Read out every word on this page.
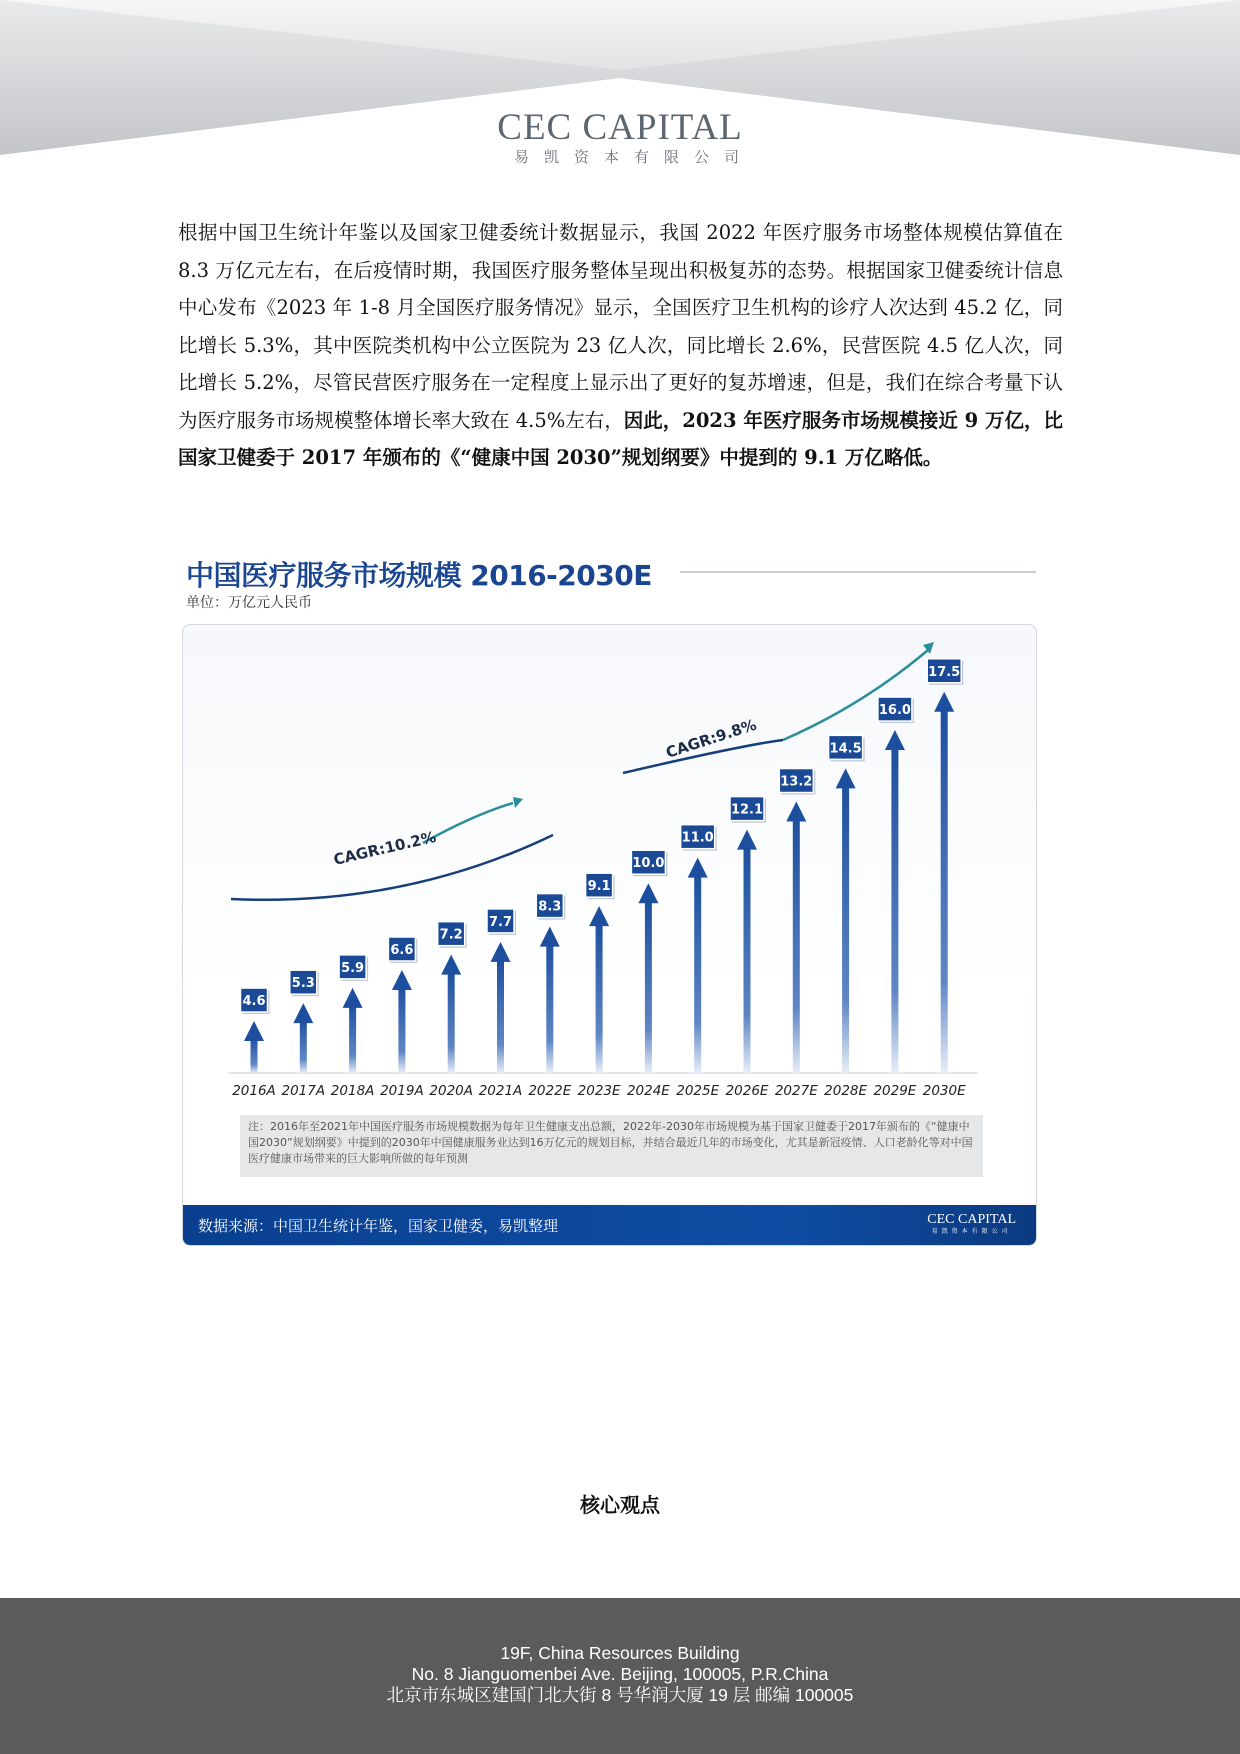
CEC CAPITAL
易凯资本有限公司

根据中国卫生统计年鉴以及国家卫健委统计数据显示，我国 2022 年医疗服务市场整体规模估算值在 8.3 万亿元左右，在后疫情时期，我国医疗服务整体呈现出积极复苏的态势。根据国家卫健委统计信息中心发布《2023 年 1-8 月全国医疗服务情况》显示，全国医疗卫生机构的诊疗人次达到 45.2 亿，同比增长 5.3%，其中医院类机构中公立医院为 23 亿人次，同比增长 2.6%，民营医院 4.5 亿人次，同比增长 5.2%，尽管民营医疗服务在一定程度上显示出了更好的复苏增速，但是，我们在综合考量下认为医疗服务市场规模整体增长率大致在 4.5%左右，因此，2023 年医疗服务市场规模接近 9 万亿，比国家卫健委于 2017 年颁布的《“健康中国 2030”规划纲要》中提到的 9.1 万亿略低。

中国医疗服务市场规模 2016-2030E
单位：万亿元人民币
4.6
2016A
5.3
2017A
5.9
2018A
6.6
2019A
7.2
2020A
7.7
2021A
8.3
2022E
9.1
2023E
10.0
2024E
11.0
2025E
12.1
2026E
13.2
2027E
14.5
2028E
16.0
2029E
17.5
2030E
CAGR:10.2%
CAGR:9.8%
注：2016年至2021年中国医疗服务市场规模数据为每年卫生健康支出总额，2022年-2030年市场规模为基于国家卫健委于2017年颁布的《“健康中国2030”规划纲要》中提到的2030年中国健康服务业达到16万亿元的规划目标，并结合最近几年的市场变化，尤其是新冠疫情、人口老龄化等对中国医疗健康市场带来的巨大影响所做的每年预测
数据来源：中国卫生统计年鉴，国家卫健委，易凯整理	CEC CAPITAL
易凯资本有限公司
核心观点
19F, China Resources Building
No. 8 Jianguomenbei Ave. Beijing, 100005, P.R.China
北京市东城区建国门北大街 8 号华润大厦 19 层 邮编 100005
